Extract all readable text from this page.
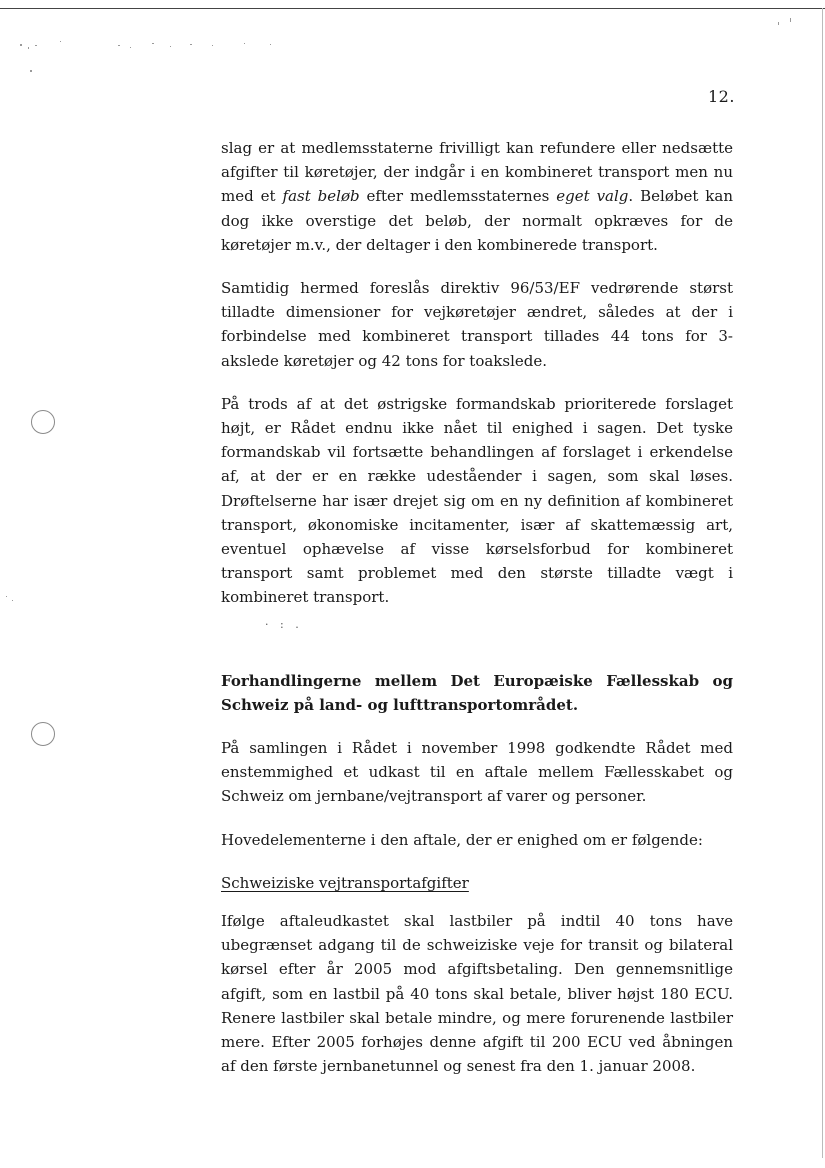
12.
· : .

slag er at medlemsstaterne frivilligt kan refundere eller nedsætte afgifter til køretøjer, der indgår i en kombineret transport men nu med et fast beløb efter medlemsstaternes eget valg. Beløbet kan dog ikke overstige det beløb, der normalt opkræves for de køretøjer m.v., der deltager i den kombinerede transport.

Samtidig hermed foreslås direktiv 96/53/EF vedrørende størst tilladte dimensioner for vejkøretøjer ændret, således at der i forbindelse med kombineret transport tillades 44 tons for 3-akslede køretøjer og 42 tons for toakslede.

På trods af at det østrigske formandskab prioriterede forslaget højt, er Rådet endnu ikke nået til enighed i sagen. Det tyske formandskab vil fortsætte behandlingen af forslaget i erkendelse af, at der er en række udeståender i sagen, som skal løses. Drøftelserne har især drejet sig om en ny definition af kombineret transport, økonomiske incitamenter, især af skattemæssig art, eventuel ophævelse af visse kørselsforbud for kombineret transport samt problemet med den største tilladte vægt i kombineret transport.

Forhandlingerne mellem Det Europæiske Fællesskab og Schweiz på land- og lufttransportområdet.

På samlingen i Rådet i november 1998 godkendte Rådet med enstemmighed et udkast til en aftale mellem Fællesskabet og Schweiz om jernbane/vejtransport af varer og personer.

Hovedelementerne i den aftale, der er enighed om er følgende:

Schweiziske vejtransportafgifter

Ifølge aftaleudkastet skal lastbiler på indtil 40 tons have ubegrænset adgang til de schweiziske veje for transit og bilateral kørsel efter år 2005 mod afgiftsbetaling. Den gennemsnitlige afgift, som en lastbil på 40 tons skal betale, bliver højst 180 ECU. Renere lastbiler skal betale mindre, og mere forurenende lastbiler mere. Efter 2005 forhøjes denne afgift til 200 ECU ved åbningen af den første jernbanetunnel og senest fra den 1. januar 2008.
